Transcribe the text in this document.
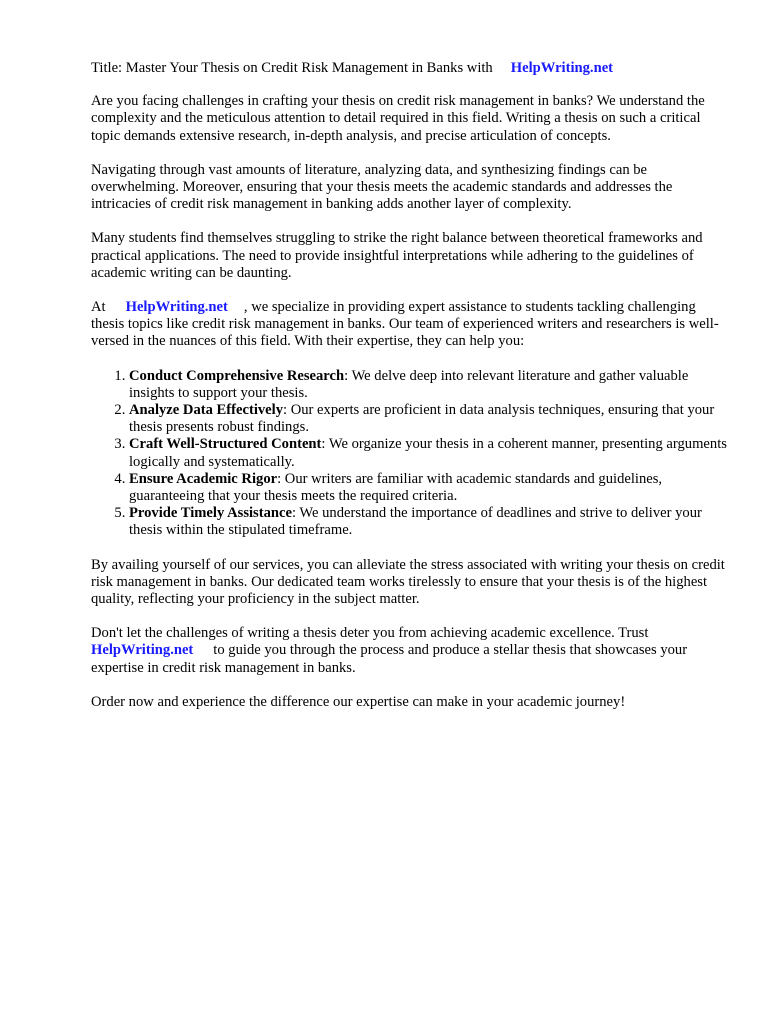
Title: Master Your Thesis on Credit Risk Management in Banks with HelpWriting.net

Are you facing challenges in crafting your thesis on credit risk management in banks? We understand the complexity and the meticulous attention to detail required in this field. Writing a thesis on such a critical topic demands extensive research, in-depth analysis, and precise articulation of concepts.

Navigating through vast amounts of literature, analyzing data, and synthesizing findings can be overwhelming. Moreover, ensuring that your thesis meets the academic standards and addresses the intricacies of credit risk management in banking adds another layer of complexity.

Many students find themselves struggling to strike the right balance between theoretical frameworks and practical applications. The need to provide insightful interpretations while adhering to the guidelines of academic writing can be daunting.

At HelpWriting.net , we specialize in providing expert assistance to students tackling challenging thesis topics like credit risk management in banks. Our team of experienced writers and researchers is well-versed in the nuances of this field. With their expertise, they can help you:

1. Conduct Comprehensive Research: We delve deep into relevant literature and gather valuable insights to support your thesis.
2. Analyze Data Effectively: Our experts are proficient in data analysis techniques, ensuring that your thesis presents robust findings.
3. Craft Well-Structured Content: We organize your thesis in a coherent manner, presenting arguments logically and systematically.
4. Ensure Academic Rigor: Our writers are familiar with academic standards and guidelines, guaranteeing that your thesis meets the required criteria.
5. Provide Timely Assistance: We understand the importance of deadlines and strive to deliver your thesis within the stipulated timeframe.

By availing yourself of our services, you can alleviate the stress associated with writing your thesis on credit risk management in banks. Our dedicated team works tirelessly to ensure that your thesis is of the highest quality, reflecting your proficiency in the subject matter.

Don't let the challenges of writing a thesis deter you from achieving academic excellence. Trust
HelpWriting.net to guide you through the process and produce a stellar thesis that showcases your expertise in credit risk management in banks.

Order now and experience the difference our expertise can make in your academic journey!
